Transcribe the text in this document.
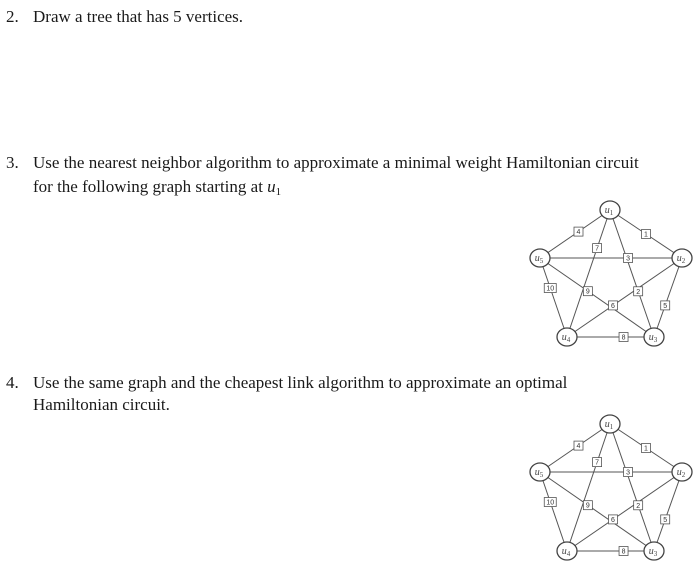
2. Draw a tree that has 5 vertices.

3. Use the nearest neighbor algorithm to approximate a minimal weight Hamiltonian circuit

for the following graph starting at u1

1
2
7
4
5
6
3
8
9
10
$u_1$
$u_2$
$u_3$
$u_4$
$u_5$
4. Use the same graph and the cheapest link algorithm to approximate an optimal

Hamiltonian circuit.

1
2
7
4
5
6
3
8
9
10
$u_1$
$u_2$
$u_3$
$u_4$
$u_5$
